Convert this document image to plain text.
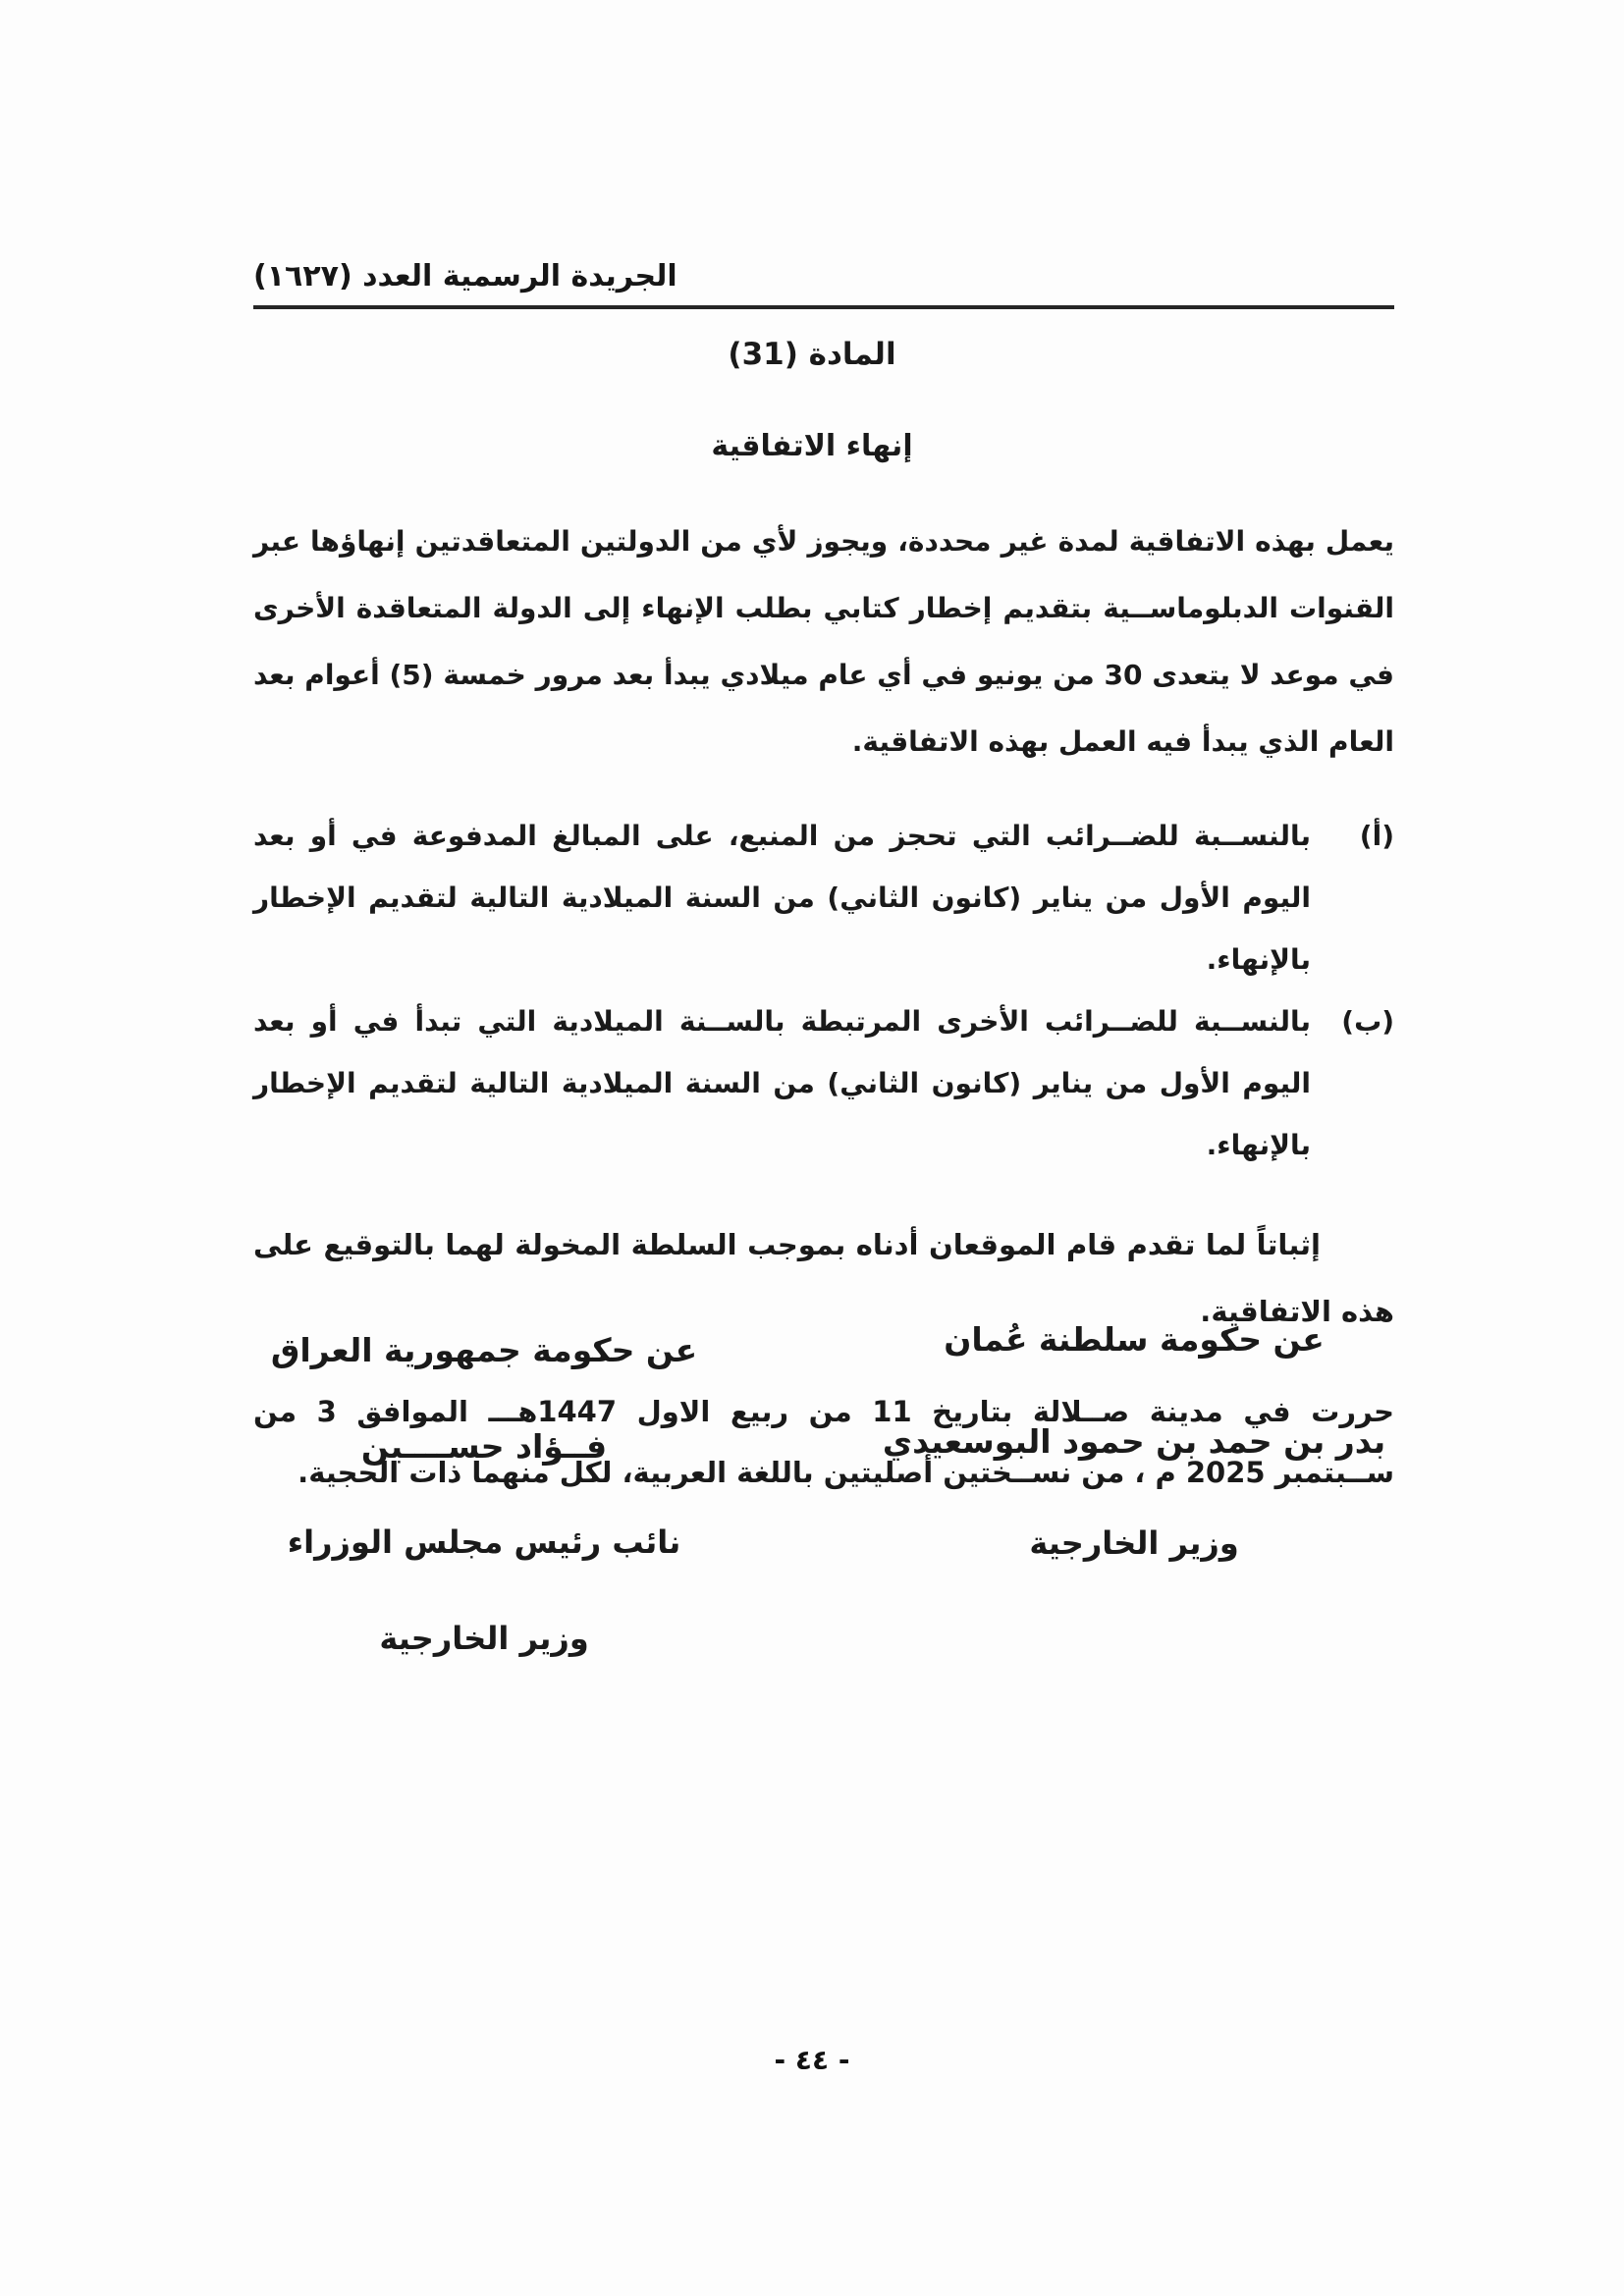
الجريدة الرسمية العدد (١٦٢٧)
المادة (31)
إنهاء الاتفاقية

يعمل بهذه الاتفاقية لمدة غير محددة، ويجوز لأي من الدولتين المتعاقدتين إنهاؤها عبر القنوات الدبلوماســية بتقديم إخطار كتابي بطلب الإنهاء إلى الدولة المتعاقدة الأخرى في موعد لا يتعدى 30 من يونيو في أي عام ميلادي يبدأ بعد مرور خمسة (5) أعوام بعد العام الذي يبدأ فيه العمل بهذه الاتفاقية.

(أ)
بالنســبة للضــرائب التي تحجز من المنبع، على المبالغ المدفوعة في أو بعد اليوم الأول من يناير (كانون الثاني) من السنة الميلادية التالية لتقديم الإخطار بالإنهاء.
(ب)
بالنســبة للضــرائب الأخرى المرتبطة بالســنة الميلادية التي تبدأ في أو بعد اليوم الأول من يناير (كانون الثاني) من السنة الميلادية التالية لتقديم الإخطار بالإنهاء.

إثباتاً لما تقدم قام الموقعان أدناه بموجب السلطة المخولة لهما بالتوقيع على هذه الاتفاقية.

حررت في مدينة صــلالة بتاريخ 11 من ربيع الاول 1447هـــ الموافق 3 من ســبتمبر 2025 م ، من نســختين أصليتين باللغة العربية، لكل منهما ذات الحجية.

عن حكومة سلطنة عُمان
بدر بن حمد بن حمود البوسعيدي
وزير الخارجية
عن حكومة جمهورية العراق
فــؤاد حســــين
نائب رئيس مجلس الوزراء
وزير الخارجية
- ٤٤ -
